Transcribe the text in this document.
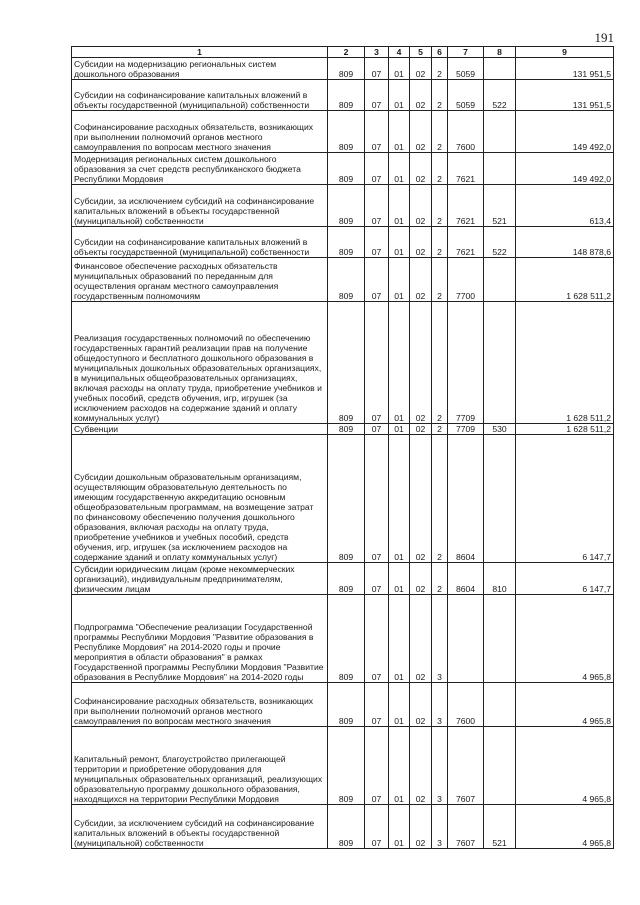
191
1	2	3	4	5	6	7	8	9
Субсидии на модернизацию региональных систем дошкольного образования	809	07	01	02	2	5059		131 951,5
Субсидии на софинансирование капитальных вложений в объекты государственной (муниципальной) собственности	809	07	01	02	2	5059	522	131 951,5
Софинансирование расходных обязательств, возникающих при выполнении полномочий органов местного самоуправления по вопросам местного значения	809	07	01	02	2	7600		149 492,0
Модернизация региональных систем дошкольного образования за счет средств республиканского бюджета Республики Мордовия	809	07	01	02	2	7621		149 492,0
Субсидии, за исключением субсидий на софинансирование капитальных вложений в объекты государственной (муниципальной) собственности	809	07	01	02	2	7621	521	613,4
Субсидии на софинансирование капитальных вложений в объекты государственной (муниципальной) собственности	809	07	01	02	2	7621	522	148 878,6
Финансовое обеспечение расходных обязательств муниципальных образований по переданным для осуществления органам местного самоуправления государственным полномочиям	809	07	01	02	2	7700		1 628 511,2
Реализация государственных полномочий по обеспечению государственных гарантий реализации прав на получение общедоступного и бесплатного дошкольного образования в муниципальных дошкольных образовательных организациях, в муниципальных общеобразовательных организациях, включая расходы на оплату труда, приобретение учебников и учебных пособий, средств обучения, игр, игрушек (за исключением расходов на содержание зданий и оплату коммунальных услуг)	809	07	01	02	2	7709		1 628 511,2
Субвенции	809	07	01	02	2	7709	530	1 628 511,2
Субсидии дошкольным образовательным организациям, осуществляющим образовательную деятельность по имеющим государственную аккредитацию основным общеобразовательным программам, на возмещение затрат по финансовому обеспечению получения дошкольного образования, включая расходы на оплату труда, приобретение учебников и учебных пособий, средств обучения, игр, игрушек (за исключением расходов на содержание зданий и оплату коммунальных услуг)	809	07	01	02	2	8604		6 147,7
Субсидии юридическим лицам (кроме некоммерческих организаций), индивидуальным предпринимателям, физическим лицам	809	07	01	02	2	8604	810	6 147,7
Подпрограмма "Обеспечение реализации Государственной программы Республики Мордовия "Развитие образования в Республике Мордовия" на 2014-2020 годы и прочие мероприятия в области образования" в рамках Государственной программы Республики Мордовия "Развитие образования в Республике Мордовия" на 2014-2020 годы	809	07	01	02	3			4 965,8
Софинансирование расходных обязательств, возникающих при выполнении полномочий органов местного самоуправления по вопросам местного значения	809	07	01	02	3	7600		4 965,8
Капитальный ремонт, благоустройство прилегающей территории и приобретение оборудования для муниципальных образовательных организаций, реализующих образовательную программу дошкольного образования, находящихся на территории Республики Мордовия	809	07	01	02	3	7607		4 965,8
Субсидии, за исключением субсидий на софинансирование капитальных вложений в объекты государственной (муниципальной) собственности	809	07	01	02	3	7607	521	4 965,8
